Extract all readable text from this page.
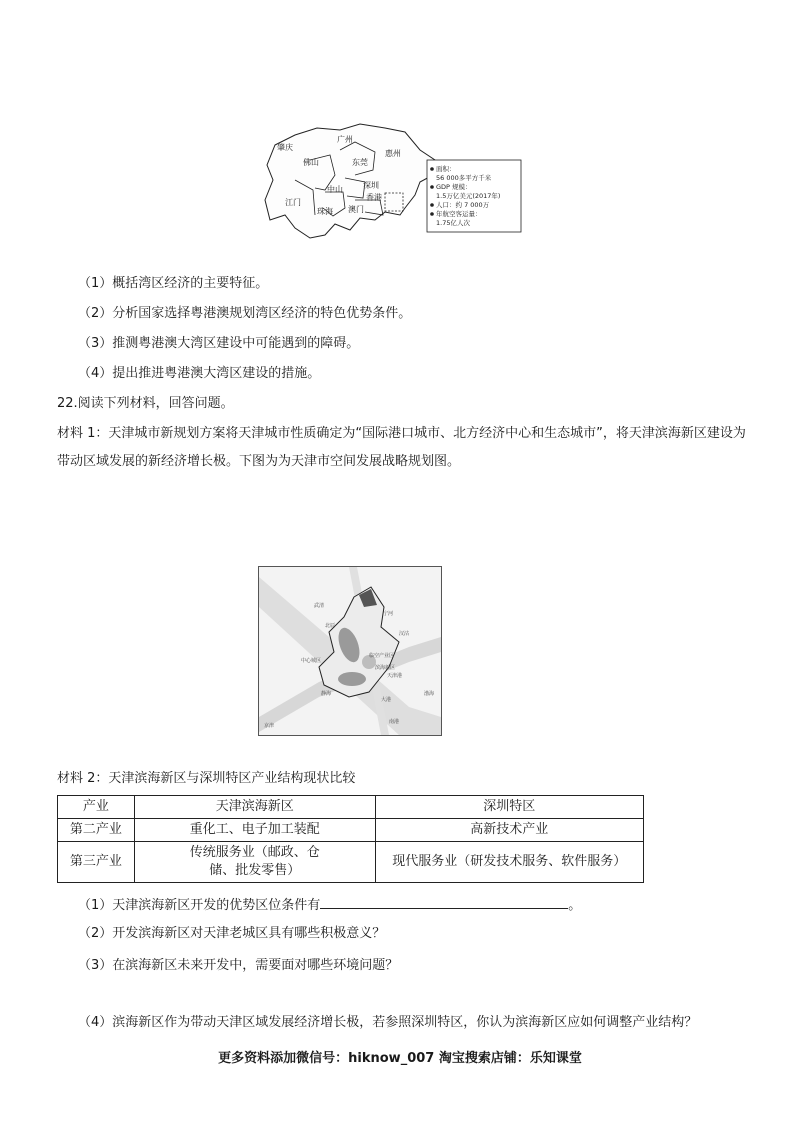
肇庆
广州
惠州
佛山	东莞
中山	深圳
江门
珠海 澳门
香港
面积：
56 000多平方千米
GDP 规模：
1.5万亿美元(2017年)
人口：约 7 000万
年航空客运量：
1.75亿人次
（1）概括湾区经济的主要特征。
（2）分析国家选择粤港澳规划湾区经济的特色优势条件。
（3）推测粤港澳大湾区建设中可能遇到的障碍。
（4）提出推进粤港澳大湾区建设的措施。
22.阅读下列材料，回答问题。
材料 1：天津城市新规划方案将天津城市性质确定为“国际港口城市、北方经济中心和生态城市”，将天津滨海新区建设为带动区域发展的新经济增长极。下图为为天津市空间发展战略规划图。
中心城区
滨海新区
渤海
天津港
临空产业区
南港
京津
汉沽
北辰
武清
宁河
大港
静海
材料 2：天津滨海新区与深圳特区产业结构现状比较
产业	天津滨海新区	深圳特区
第二产业	重化工、电子加工装配	高新技术产业
第三产业	传统服务业（邮政、仓储、批发零售）	现代服务业（研发技术服务、软件服务）
（1）天津滨海新区开发的优势区位条件有	。
（2）开发滨海新区对天津老城区具有哪些积极意义？
（3）在滨海新区未来开发中，需要面对哪些环境问题？
（4）滨海新区作为带动天津区域发展经济增长极，若参照深圳特区，你认为滨海新区应如何调整产业结构？
更多资料添加微信号：hiknow_007 淘宝搜索店铺：乐知课堂
